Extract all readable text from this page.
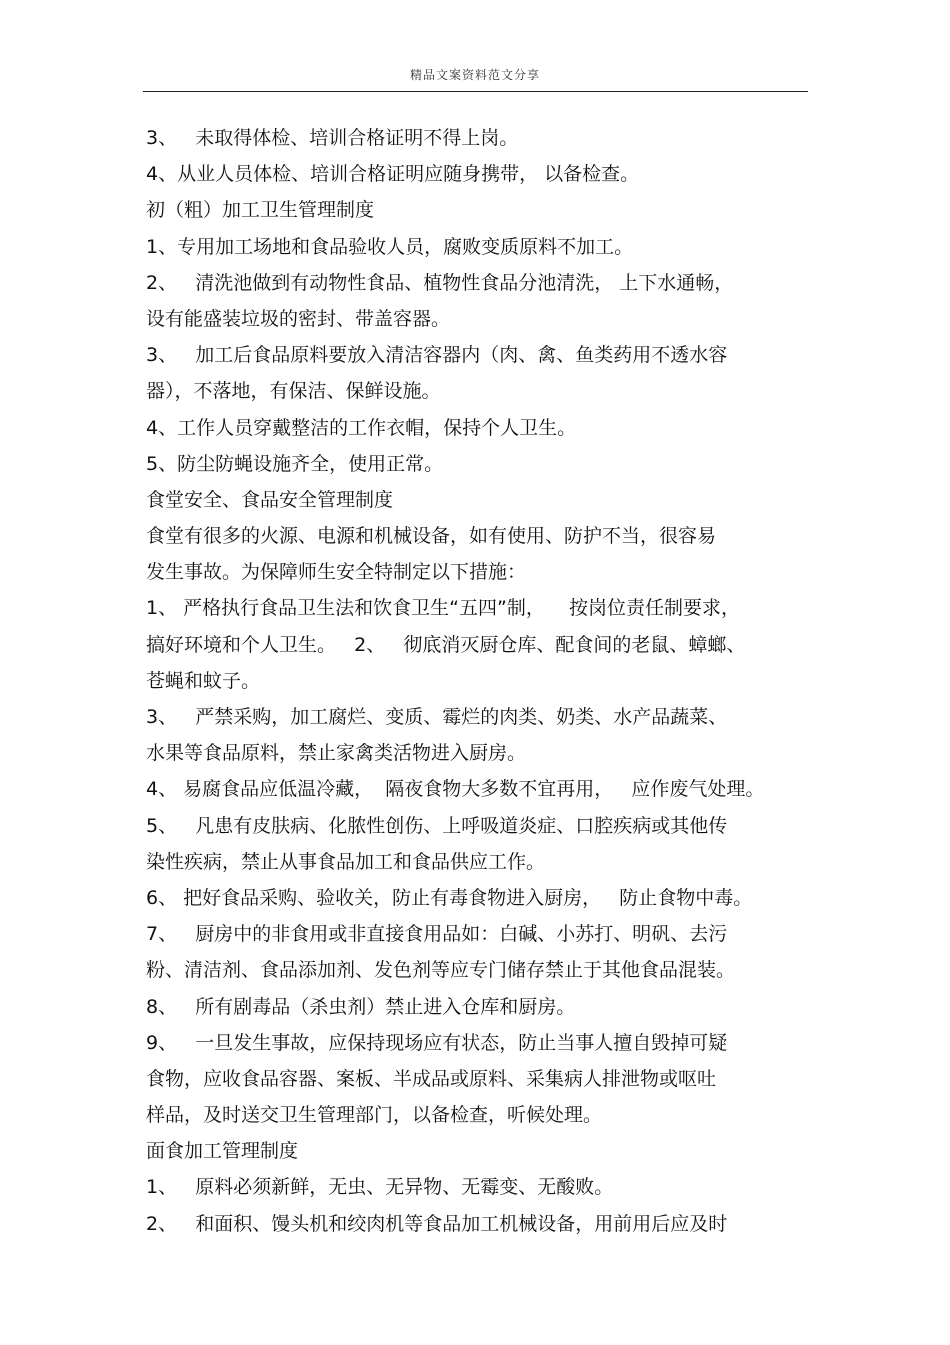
精品文案资料范文分享
3、   未取得体检、培训合格证明不得上岗。
4、从业人员体检、培训合格证明应随身携带， 以备检查。
初（粗）加工卫生管理制度
1、专用加工场地和食品验收人员，腐败变质原料不加工。
2、   清洗池做到有动物性食品、植物性食品分池清洗， 上下水通畅，
设有能盛装垃圾的密封、带盖容器。
3、   加工后食品原料要放入清洁容器内（肉、禽、鱼类药用不透水容
器），不落地，有保洁、保鲜设施。
4、工作人员穿戴整洁的工作衣帽，保持个人卫生。
5、防尘防蝇设施齐全，使用正常。
食堂安全、食品安全管理制度
食堂有很多的火源、电源和机械设备，如有使用、防护不当，很容易
发生事故。为保障师生安全特制定以下措施：
1、 严格执行食品卫生法和饮食卫生“五四”制，    按岗位责任制要求，
搞好环境和个人卫生。   2、   彻底消灭厨仓库、配食间的老鼠、蟑螂、
苍蝇和蚊子。
3、   严禁采购，加工腐烂、变质、霉烂的肉类、奶类、水产品蔬菜、
水果等食品原料，禁止家禽类活物进入厨房。
4、 易腐食品应低温冷藏，  隔夜食物大多数不宜再用，   应作废气处理。
5、   凡患有皮肤病、化脓性创伤、上呼吸道炎症、口腔疾病或其他传
染性疾病，禁止从事食品加工和食品供应工作。
6、 把好食品采购、验收关，防止有毒食物进入厨房，   防止食物中毒。
7、   厨房中的非食用或非直接食用品如：白碱、小苏打、明矾、去污
粉、清洁剂、食品添加剂、发色剂等应专门储存禁止于其他食品混装。
8、   所有剧毒品（杀虫剂）禁止进入仓库和厨房。
9、   一旦发生事故，应保持现场应有状态，防止当事人擅自毁掉可疑
食物，应收食品容器、案板、半成品或原料、采集病人排泄物或呕吐
样品，及时送交卫生管理部门，以备检查，听候处理。
面食加工管理制度
1、   原料必须新鲜，无虫、无异物、无霉变、无酸败。
2、   和面积、馒头机和绞肉机等食品加工机械设备，用前用后应及时
